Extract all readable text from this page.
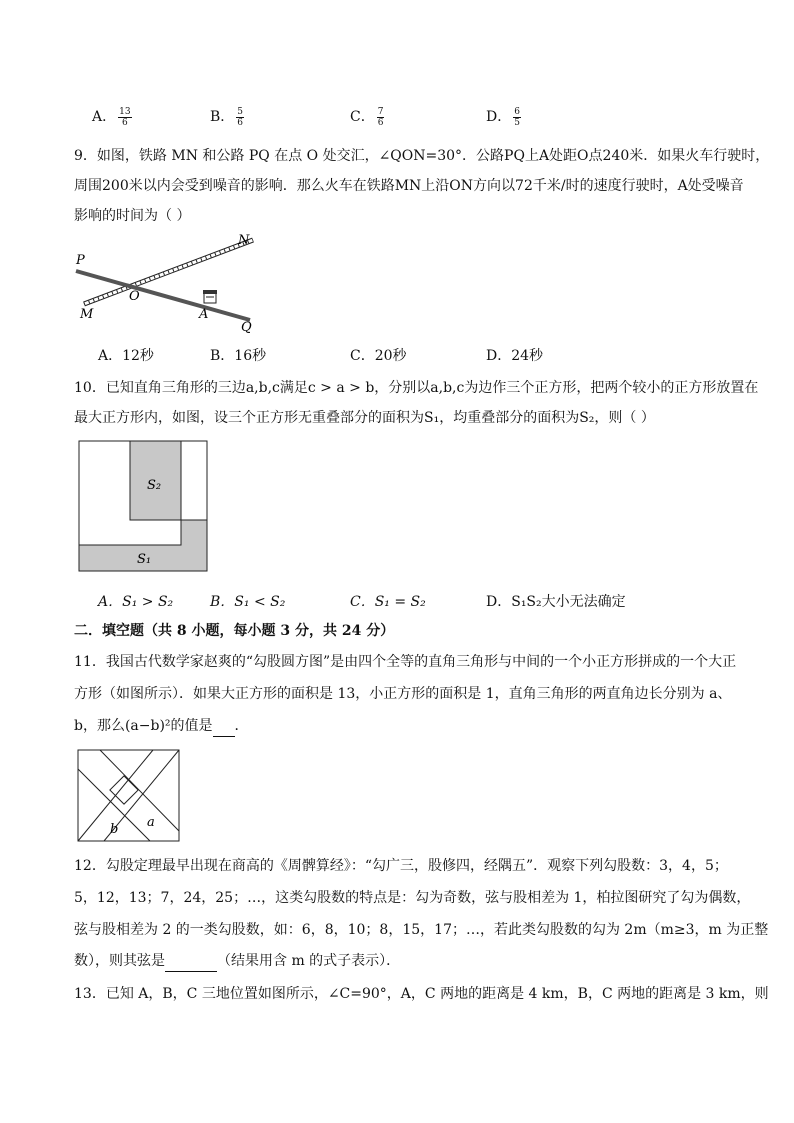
A． $\frac{13}{6}$	B． $\frac{5}{6}$	C． $\frac{7}{6}$	D． $\frac{6}{5}$
9．如图，铁路 MN 和公路 PQ 在点 O 处交汇，∠QON=30°．公路PQ上A处距O点240米．如果火车行驶时，
周围200米以内会受到噪音的影响．那么火车在铁路MN上沿ON方向以72千米/时的速度行驶时，A处受噪音
影响的时间为（ ）
P
N
O
M	A
Q
A．12秒	B．16秒	C．20秒	D．24秒
10．已知直角三角形的三边a,b,c满足c > a > b，分别以a,b,c为边作三个正方形，把两个较小的正方形放置在
最大正方形内，如图，设三个正方形无重叠部分的面积为S₁，均重叠部分的面积为S₂，则（ ）
S₂
S₁
A．S₁ > S₂	B．S₁ < S₂	C．S₁ = S₂	D．S₁S₂大小无法确定
二．填空题（共 8 小题，每小题 3 分，共 24 分）
11．我国古代数学家赵爽的“勾股圆方图”是由四个全等的直角三角形与中间的一个小正方形拼成的一个大正
方形（如图所示）．如果大正方形的面积是 13，小正方形的面积是 1，直角三角形的两直角边长分别为 a、
b，那么(a−b)²的值是 ．
b a
12．勾股定理最早出现在商高的《周髀算经》：“勾广三，股修四，经隅五”．观察下列勾股数：3，4，5；
5，12，13；7，24，25；…，这类勾股数的特点是：勾为奇数，弦与股相差为 1，柏拉图研究了勾为偶数，
弦与股相差为 2 的一类勾股数，如：6，8，10；8，15，17；…，若此类勾股数的勾为 2m（m≥3，m 为正整
数），则其弦是	（结果用含 m 的式子表示）．
13．已知 A，B，C 三地位置如图所示，∠C=90°，A，C 两地的距离是 4 km，B，C 两地的距离是 3 km，则
